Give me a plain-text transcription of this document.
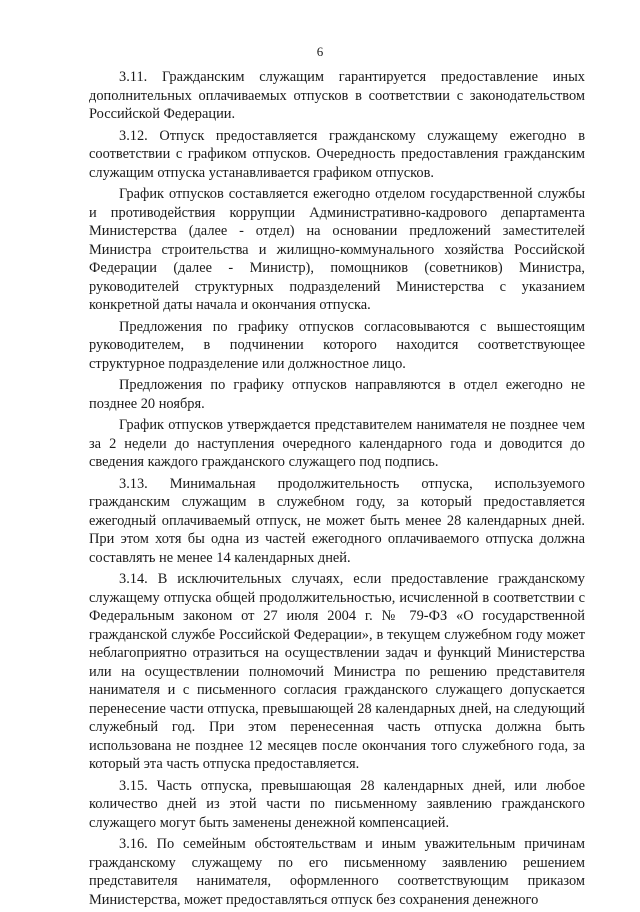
6

3.11. Гражданским служащим гарантируется предоставление иных дополнительных оплачиваемых отпусков в соответствии с законодательством Российской Федерации.

3.12. Отпуск предоставляется гражданскому служащему ежегодно в соответствии с графиком отпусков. Очередность предоставления гражданским служащим отпуска устанавливается графиком отпусков.

График отпусков составляется ежегодно отделом государственной службы и противодействия коррупции Административно-кадрового департамента Министерства (далее - отдел) на основании предложений заместителей Министра строительства и жилищно-коммунального хозяйства Российской Федерации (далее - Министр), помощников (советников) Министра, руководителей структурных подразделений Министерства с указанием конкретной даты начала и окончания отпуска.

Предложения по графику отпусков согласовываются с вышестоящим руководителем, в подчинении которого находится соответствующее структурное подразделение или должностное лицо.

Предложения по графику отпусков направляются в отдел ежегодно не позднее 20 ноября.

График отпусков утверждается представителем нанимателя не позднее чем за 2 недели до наступления очередного календарного года и доводится до сведения каждого гражданского служащего под подпись.

3.13. Минимальная продолжительность отпуска, используемого гражданским служащим в служебном году, за который предоставляется ежегодный оплачиваемый отпуск, не может быть менее 28 календарных дней. При этом хотя бы одна из частей ежегодного оплачиваемого отпуска должна составлять не менее 14 календарных дней.

3.14. В исключительных случаях, если предоставление гражданскому служащему отпуска общей продолжительностью, исчисленной в соответствии с Федеральным законом от 27 июля 2004 г. № 79-ФЗ «О государственной гражданской службе Российской Федерации», в текущем служебном году может неблагоприятно отразиться на осуществлении задач и функций Министерства или на осуществлении полномочий Министра по решению представителя нанимателя и с письменного согласия гражданского служащего допускается перенесение части отпуска, превышающей 28 календарных дней, на следующий служебный год. При этом перенесенная часть отпуска должна быть использована не позднее 12 месяцев после окончания того служебного года, за который эта часть отпуска предоставляется.

3.15. Часть отпуска, превышающая 28 календарных дней, или любое количество дней из этой части по письменному заявлению гражданского служащего могут быть заменены денежной компенсацией.

3.16. По семейным обстоятельствам и иным уважительным причинам гражданскому служащему по его письменному заявлению решением представителя нанимателя, оформленного соответствующим приказом Министерства, может предоставляться отпуск без сохранения денежного
